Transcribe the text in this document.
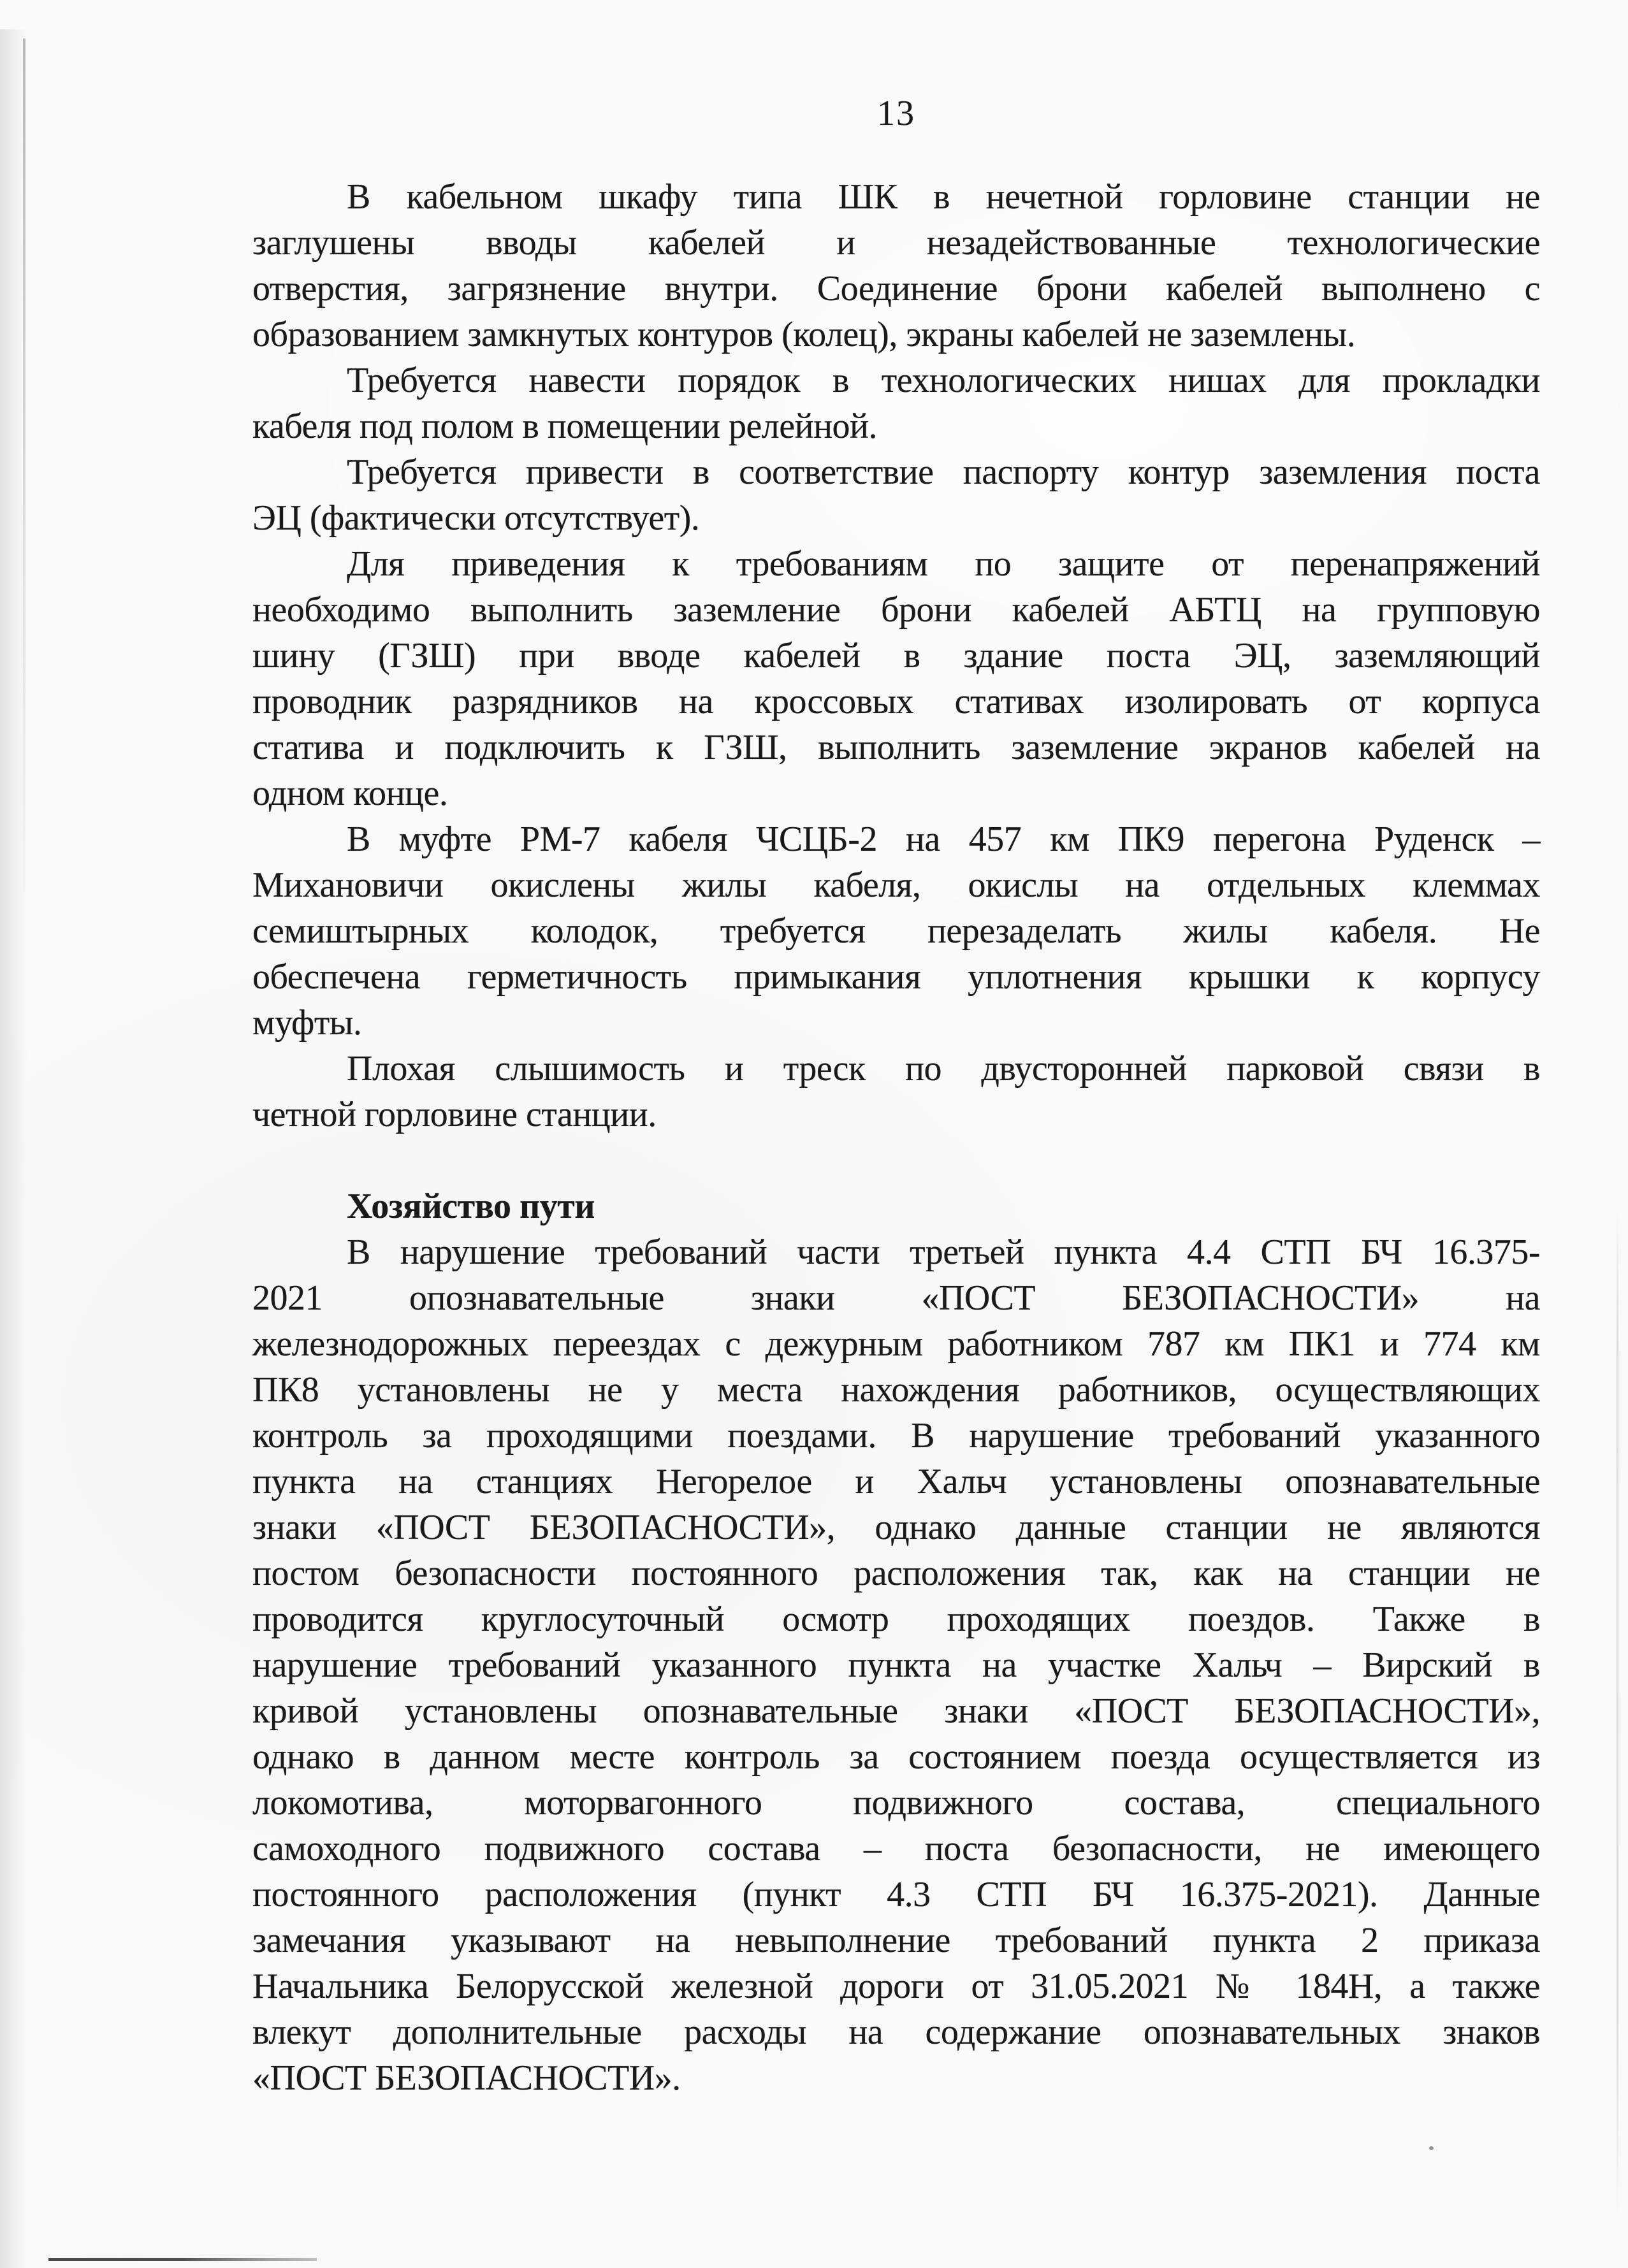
13
В кабельном шкафу типа ШК в нечетной горловине станции не
заглушены вводы кабелей и незадействованные технологические
отверстия, загрязнение внутри. Соединение брони кабелей выполнено с
образованием замкнутых контуров (колец), экраны кабелей не заземлены.
Требуется навести порядок в технологических нишах для прокладки
кабеля под полом в помещении релейной.
Требуется привести в соответствие паспорту контур заземления поста
ЭЦ (фактически отсутствует).
Для приведения к требованиям по защите от перенапряжений
необходимо выполнить заземление брони кабелей АБТЦ на групповую
шину (ГЗШ) при вводе кабелей в здание поста ЭЦ, заземляющий
проводник разрядников на кроссовых стативах изолировать от корпуса
статива и подключить к ГЗШ, выполнить заземление экранов кабелей на
одном конце.
В муфте РМ-7 кабеля ЧСЦБ-2 на 457 км ПК9 перегона Руденск –
Михановичи окислены жилы кабеля, окислы на отдельных клеммах
семиштырных колодок, требуется перезаделать жилы кабеля. Не
обеспечена герметичность примыкания уплотнения крышки к корпусу
муфты.
Плохая слышимость и треск по двусторонней парковой связи в
четной горловине станции.
Хозяйство пути
В нарушение требований части третьей пункта 4.4 СТП БЧ 16.375-
2021 опознавательные знаки «ПОСТ БЕЗОПАСНОСТИ» на
железнодорожных переездах с дежурным работником 787 км ПК1 и 774 км
ПК8 установлены не у места нахождения работников, осуществляющих
контроль за проходящими поездами. В нарушение требований указанного
пункта на станциях Негорелое и Хальч установлены опознавательные
знаки «ПОСТ БЕЗОПАСНОСТИ», однако данные станции не являются
постом безопасности постоянного расположения так, как на станции не
проводится круглосуточный осмотр проходящих поездов. Также в
нарушение требований указанного пункта на участке Хальч – Вирский в
кривой установлены опознавательные знаки «ПОСТ БЕЗОПАСНОСТИ»,
однако в данном месте контроль за состоянием поезда осуществляется из
локомотива, моторвагонного подвижного состава, специального
самоходного подвижного состава – поста безопасности, не имеющего
постоянного расположения (пункт 4.3 СТП БЧ 16.375-2021). Данные
замечания указывают на невыполнение требований пункта 2 приказа
Начальника Белорусской железной дороги от 31.05.2021 № 184Н, а также
влекут дополнительные расходы на содержание опознавательных знаков
«ПОСТ БЕЗОПАСНОСТИ».
